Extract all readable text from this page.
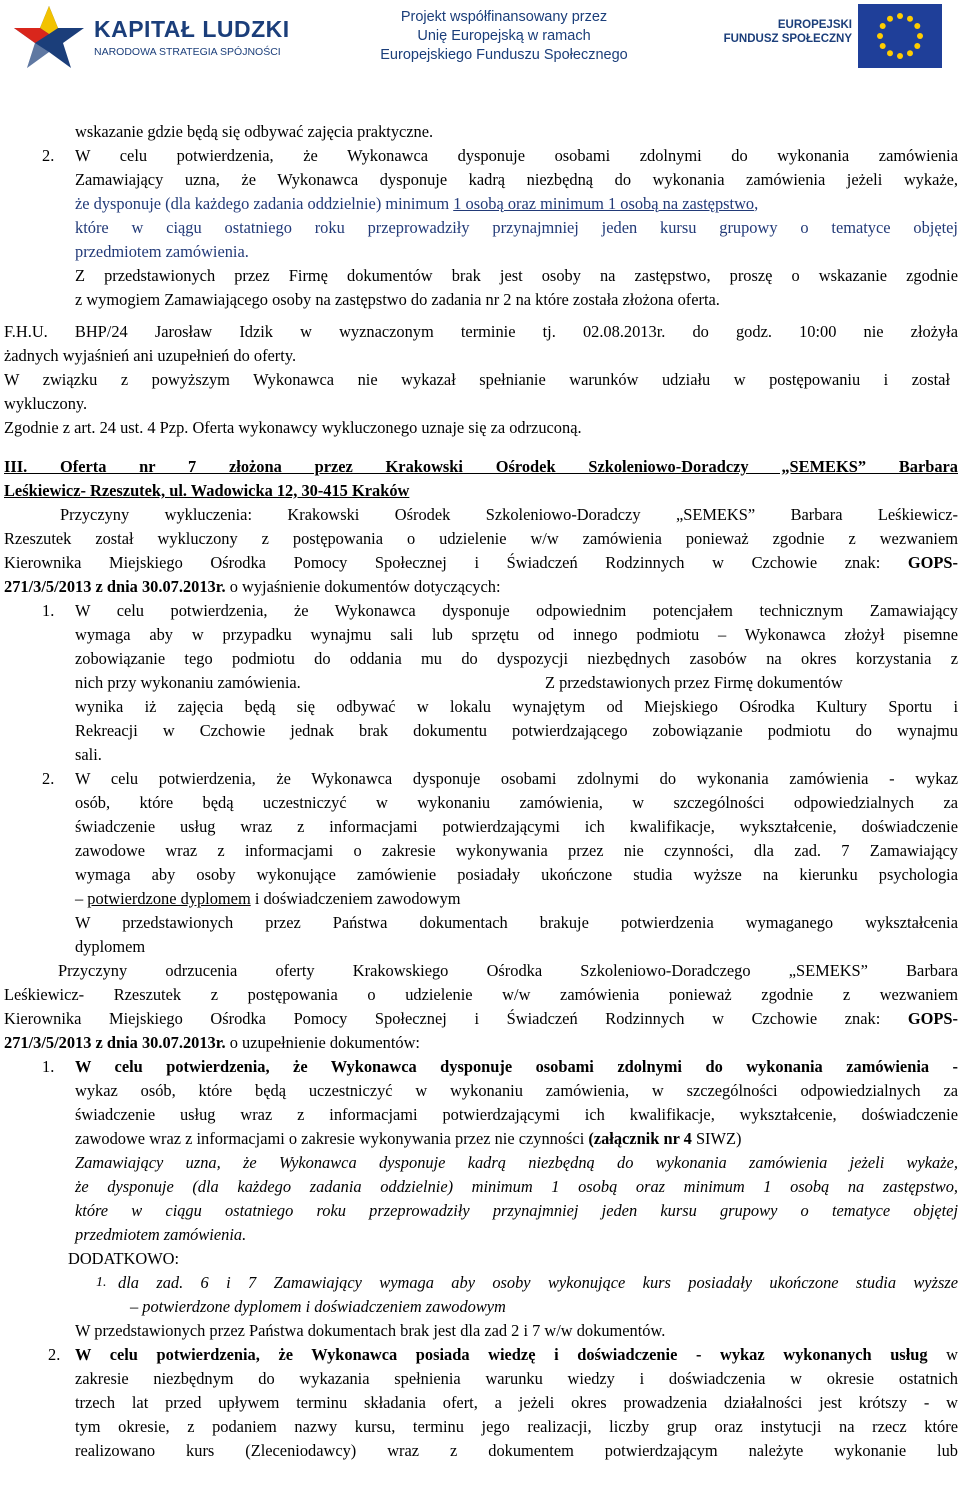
KAPITAŁ LUDZKI
NARODOWA STRATEGIA SPÓJNOŚCI
Projekt współfinansowany przez
Unię Europejską w ramach
Europejskiego Funduszu Społecznego
EUROPEJSKI
FUNDUSZ SPOŁECZNY
wskazanie gdzie będą się odbywać zajęcia praktyczne.
2. W celu potwierdzenia, że Wykonawca dysponuje osobami zdolnymi do wykonania zamówienia
Zamawiający uzna, że Wykonawca dysponuje kadrą niezbędną do wykonania zamówienia jeżeli wykaże,
że dysponuje (dla każdego zadania oddzielnie) minimum 1 osobą oraz minimum 1 osobą na zastępstwo,
które w ciągu ostatniego roku przeprowadziły przynajmniej jeden kursu grupowy o tematyce objętej
przedmiotem zamówienia.
Z przedstawionych przez Firmę dokumentów brak jest osoby na zastępstwo, proszę o wskazanie zgodnie
z wymogiem Zamawiającego osoby na zastępstwo do zadania nr 2 na które została złożona oferta.
F.H.U. BHP/24 Jarosław Idzik w wyznaczonym terminie tj. 02.08.2013r. do godz. 10:00 nie złożyła
żadnych wyjaśnień ani uzupełnień do oferty.
W związku z powyższym Wykonawca nie wykazał spełnianie warunków udziału w postępowaniu i został
wykluczony.
Zgodnie z art. 24 ust. 4 Pzp. Oferta wykonawcy wykluczonego uznaje się za odrzuconą.
III. Oferta nr 7 złożona przez Krakowski Ośrodek Szkoleniowo-Doradczy „SEMEKS” Barbara
Leśkiewicz- Rzeszutek, ul. Wadowicka 12, 30-415 Kraków
Przyczyny wykluczenia: Krakowski Ośrodek Szkoleniowo-Doradczy „SEMEKS” Barbara Leśkiewicz-
Rzeszutek został wykluczony z postępowania o udzielenie w/w zamówienia ponieważ zgodnie z wezwaniem
Kierownika Miejskiego Ośrodka Pomocy Społecznej i Świadczeń Rodzinnych w Czchowie znak: GOPS-
271/3/5/2013 z dnia 30.07.2013r. o wyjaśnienie dokumentów dotyczących:
1. W celu potwierdzenia, że Wykonawca dysponuje odpowiednim potencjałem technicznym Zamawiający
wymaga aby w przypadku wynajmu sali lub sprzętu od innego podmiotu – Wykonawca złożył pisemne
zobowiązanie tego podmiotu do oddania mu do dyspozycji niezbędnych zasobów na okres korzystania z
nich przy wykonaniu zamówienia.	Z przedstawionych przez Firmę dokumentów
wynika iż zajęcia będą się odbywać w lokalu wynajętym od Miejskiego Ośrodka Kultury Sportu i
Rekreacji w Czchowie jednak brak dokumentu potwierdzającego zobowiązanie podmiotu do wynajmu
sali.
2. W celu potwierdzenia, że Wykonawca dysponuje osobami zdolnymi do wykonania zamówienia - wykaz
osób, które będą uczestniczyć w wykonaniu zamówienia, w szczególności odpowiedzialnych za
świadczenie usług wraz z informacjami potwierdzającymi ich kwalifikacje, wykształcenie, doświadczenie
zawodowe wraz z informacjami o zakresie wykonywania przez nie czynności, dla zad. 7 Zamawiający
wymaga aby osoby wykonujące zamówienie posiadały ukończone studia wyższe na kierunku psychologia
– potwierdzone dyplomem i doświadczeniem zawodowym
W przedstawionych przez Państwa dokumentach brakuje potwierdzenia wymaganego wykształcenia
dyplomem
Przyczyny odrzucenia oferty Krakowskiego Ośrodka Szkoleniowo-Doradczego „SEMEKS” Barbara
Leśkiewicz- Rzeszutek z postępowania o udzielenie w/w zamówienia ponieważ zgodnie z wezwaniem
Kierownika Miejskiego Ośrodka Pomocy Społecznej i Świadczeń Rodzinnych w Czchowie znak: GOPS-
271/3/5/2013 z dnia 30.07.2013r. o uzupełnienie dokumentów:
1. W celu potwierdzenia, że Wykonawca dysponuje osobami zdolnymi do wykonania zamówienia -
wykaz osób, które będą uczestniczyć w wykonaniu zamówienia, w szczególności odpowiedzialnych za
świadczenie usług wraz z informacjami potwierdzającymi ich kwalifikacje, wykształcenie, doświadczenie
zawodowe wraz z informacjami o zakresie wykonywania przez nie czynności (załącznik nr 4 SIWZ)
Zamawiający uzna, że Wykonawca dysponuje kadrą niezbędną do wykonania zamówienia jeżeli wykaże,
że dysponuje (dla każdego zadania oddzielnie) minimum 1 osobą oraz minimum 1 osobą na zastępstwo,
które w ciągu ostatniego roku przeprowadziły przynajmniej jeden kursu grupowy o tematyce objętej
przedmiotem zamówienia.
DODATKOWO:
1. dla zad. 6 i 7 Zamawiający wymaga aby osoby wykonujące kurs posiadały ukończone studia wyższe
– potwierdzone dyplomem i doświadczeniem zawodowym
W przedstawionych przez Państwa dokumentach brak jest dla zad 2 i 7 w/w dokumentów.
2. W celu potwierdzenia, że Wykonawca posiada wiedzę i doświadczenie - wykaz wykonanych usług w
zakresie niezbędnym do wykazania spełnienia warunku wiedzy i doświadczenia w okresie ostatnich
trzech lat przed upływem terminu składania ofert, a jeżeli okres prowadzenia działalności jest krótszy - w
tym okresie, z podaniem nazwy kursu, terminu jego realizacji, liczby grup oraz instytucji na rzecz które
realizowano kurs (Zleceniodawcy) wraz z dokumentem potwierdzającym należyte wykonanie lub
